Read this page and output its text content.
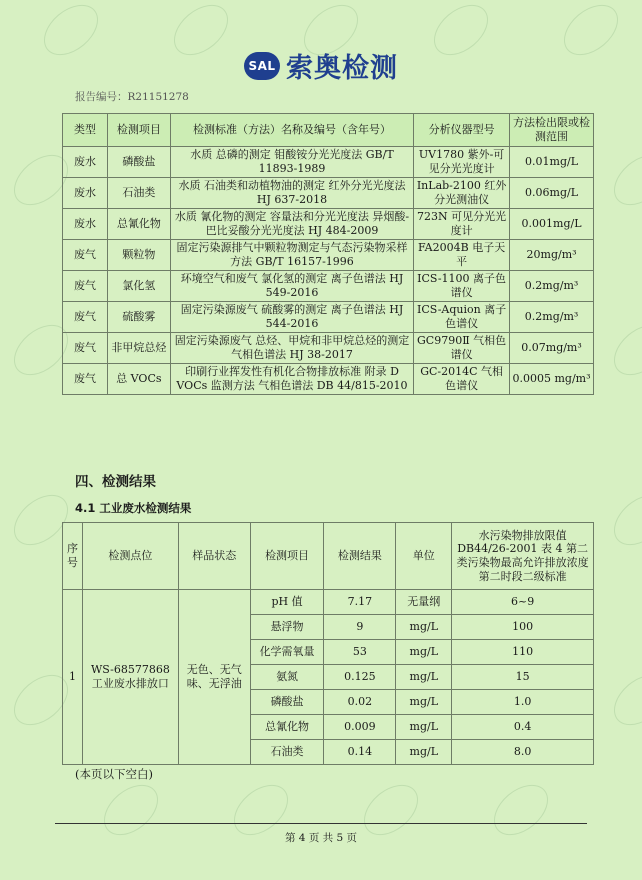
SAL 索奥检测
报告编号：R21151278
类型	检测项目	检测标准（方法）名称及编号（含年号）	分析仪器型号	方法检出限或检测范围
废水	磷酸盐	水质 总磷的测定 钼酸铵分光光度法 GB/T 11893-1989	UV1780 紫外-可见分光光度计	0.01mg/L
废水	石油类	水质 石油类和动植物油的测定 红外分光光度法 HJ 637-2018	InLab-2100 红外分光测油仪	0.06mg/L
废水	总氰化物	水质 氰化物的测定 容量法和分光光度法 异烟酸-巴比妥酸分光光度法 HJ 484-2009	723N 可见分光光度计	0.001mg/L
废气	颗粒物	固定污染源排气中颗粒物测定与气态污染物采样方法 GB/T 16157-1996	FA2004B 电子天平	20mg/m³
废气	氯化氢	环境空气和废气 氯化氢的测定 离子色谱法 HJ 549-2016	ICS-1100 离子色谱仪	0.2mg/m³
废气	硫酸雾	固定污染源废气 硫酸雾的测定 离子色谱法 HJ 544-2016	ICS-Aquion 离子色谱仪	0.2mg/m³
废气	非甲烷总烃	固定污染源废气 总烃、甲烷和非甲烷总烃的测定 气相色谱法 HJ 38-2017	GC9790Ⅱ 气相色谱仪	0.07mg/m³
废气	总 VOCs	印刷行业挥发性有机化合物排放标准 附录 D VOCs 监测方法 气相色谱法 DB 44/815-2010	GC-2014C 气相色谱仪	0.0005 mg/m³
四、检测结果
4.1 工业废水检测结果
序号	检测点位	样品状态	检测项目	检测结果	单位	水污染物排放限值 DB44/26-2001 表 4 第二类污染物最高允许排放浓度第二时段二级标准
1	WS-68577868 工业废水排放口	无色、无气味、无浮油	pH 值	7.17	无量纲	6~9
			悬浮物	9	mg/L	100
			化学需氧量	53	mg/L	110
			氨氮	0.125	mg/L	15
			磷酸盐	0.02	mg/L	1.0
			总氰化物	0.009	mg/L	0.4
			石油类	0.14	mg/L	8.0
(本页以下空白)
第 4 页 共 5 页
